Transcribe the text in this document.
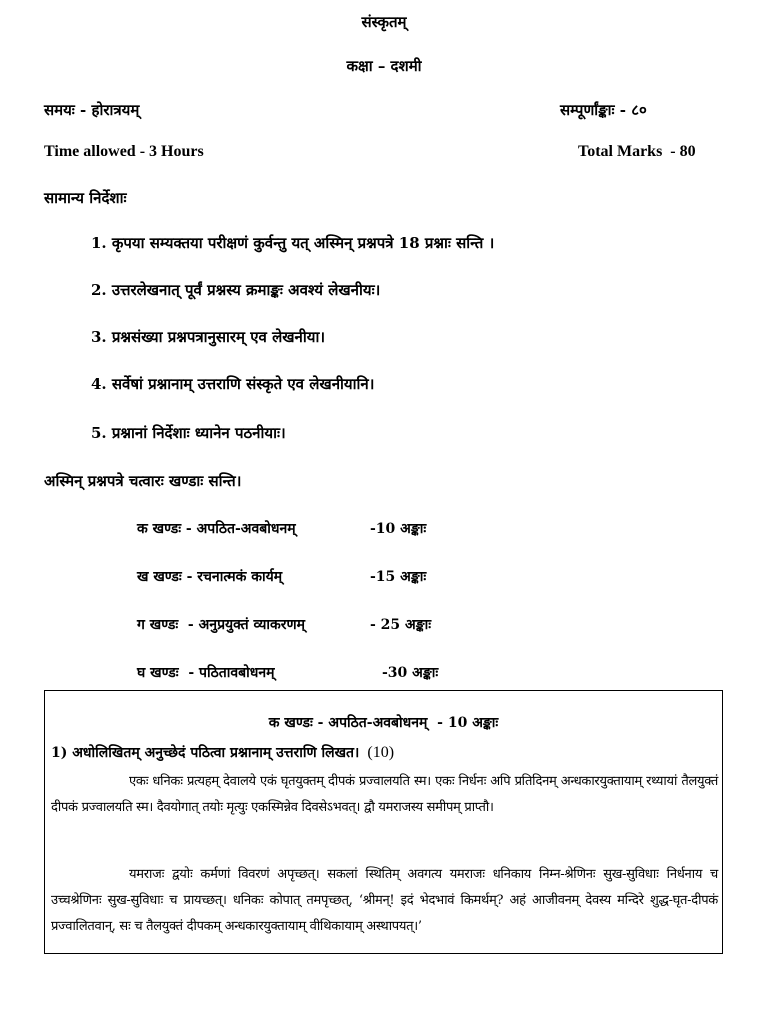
संस्कृतम्
कक्षा – दशमी
समयः - होरात्रयम्	सम्पूर्णांङ्काः - ८०
Time allowed - 3 Hours	Total Marks  - 80
सामान्य निर्देशाः
1. कृपया सम्यक्तया परीक्षणं कुर्वन्तु यत् अस्मिन् प्रश्नपत्रे 18 प्रश्नाः सन्ति ।
2. उत्तरलेखनात् पूर्वं प्रश्नस्य क्रमाङ्कः अवश्यं लेखनीयः।
3. प्रश्नसंख्या प्रश्नपत्रानुसारम् एव लेखनीया।
4. सर्वेषां प्रश्नानाम् उत्तराणि संस्कृते एव लेखनीयानि।
5. प्रश्नानां निर्देशाः ध्यानेन पठनीयाः।
अस्मिन् प्रश्नपत्रे चत्वारः खण्डाः सन्ति।
क खण्डः - अपठित-अवबोधनम्	-10 अङ्काः
ख खण्डः - रचनात्मकं कार्यम्	-15 अङ्काः
ग खण्डः  - अनुप्रयुक्तं व्याकरणम्	- 25 अङ्काः
घ खण्डः  - पठितावबोधनम्	-30 अङ्काः
क खण्डः - अपठित-अवबोधनम्  - 10 अङ्काः
1) अधोलिखितम् अनुच्छेदं पठित्वा प्रश्नानाम् उत्तराणि लिखत। (10)
एकः धनिकः प्रत्यहम् देवालये एकं घृतयुक्तम् दीपकं प्रज्वालयति स्म। एकः निर्धनः अपि प्रतिदिनम् अन्धकारयुक्तायाम् रथ्यायां तैलयुक्तं दीपकं प्रज्वालयति स्म। दैवयोगात् तयोः मृत्युः एकस्मिन्नेव दिवसेऽभवत्। द्वौ यमराजस्य समीपम् प्राप्तौ।
यमराजः द्वयोः कर्मणां विवरणं अपृच्छत्। सकलां स्थितिम् अवगत्य यमराजः धनिकाय निम्न-श्रेणिनः सुख-सुविधाः निर्धनाय च उच्चश्रेणिनः सुख-सुविधाः च प्रायच्छत्। धनिकः कोपात् तमपृच्छत्, ‘श्रीमन्! इदं भेदभावं किमर्थम्? अहं आजीवनम् देवस्य मन्दिरे शुद्ध-घृत-दीपकं प्रज्वालितवान्, सः च तैलयुक्तं दीपकम् अन्धकारयुक्तायाम् वीथिकायाम् अस्थापयत्।’
